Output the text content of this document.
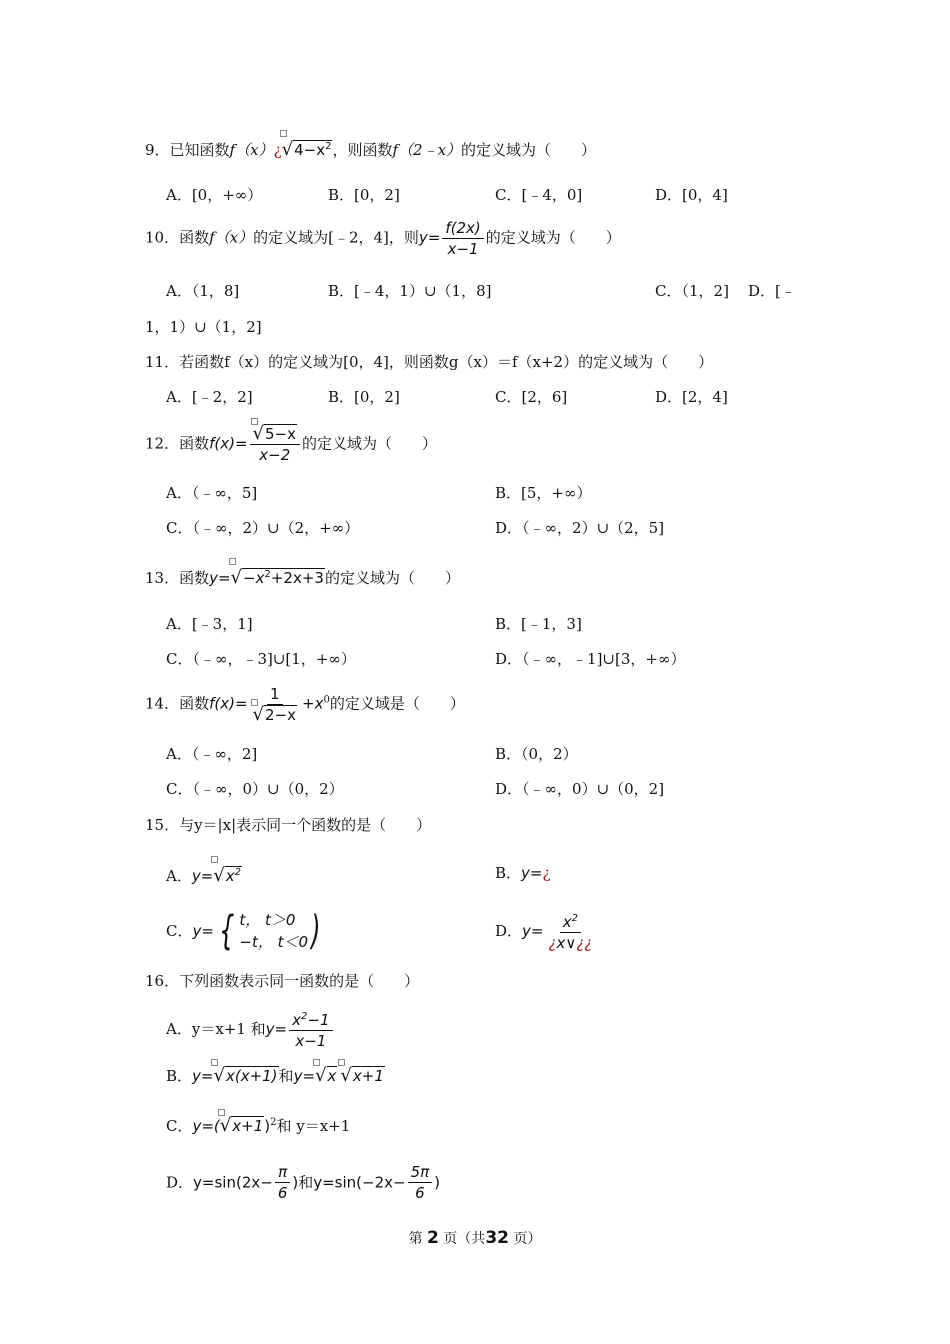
9．已知函数f（x）¿
$√4-x^2$，则函数f（2﹣x）的定义域为（　　）
A．[0，+∞）	B．[0，2]	C．[﹣4，0]	D．[0，4]
10．函数f（x）的定义域为[﹣2，4]，则$y= \frac{f(2x)}{x-1}$ 的定义域为（　　）
A．（1，8]	B．[﹣4，1）∪（1，8]	C．（1，2] D．[﹣
1，1）∪（1，2]
11．若函数f（x）的定义域为[0，4]，则函数g（x）＝f（x+2）的定义域为（　　）
A．[﹣2，2]	B．[0，2]	C．[2，6]	D．[2，4]
12．函数$f(x)= \frac{√5-x}{x-2}$ 的定义域为（　　）
A．（﹣∞，5]	B．[5，+∞）
C．（﹣∞，2）∪（2，+∞）	D．（﹣∞，2）∪（2，5]
13．函数y=
$√-x^2+2x+3$的定义域为（　　）
A．[﹣3，1]	B．[﹣1，3]
C．（﹣∞，﹣3]∪[1，+∞）	D．（﹣∞，﹣1]∪[3，+∞）
14．函数$f(x)= \frac{1}{√2-x} +x^0$的定义域是（　　）
A．（﹣∞，2]	B．（0，2）
C．（﹣∞，0）∪（0，2）	D．（﹣∞，0）∪（0，2]
15．与y＝|x|表示同一个函数的是（　　）
A．y=
$√x^2$	B．y=¿
C．y= { t， t＞0
−t， t＜0 )	D．$y= \frac{x^2}{¿x\vee¿¿}$
16．下列函数表示同一函数的是（　　）
A．y＝x+1 和$y= \frac{x^2-1}{x-1}$
B．y=
√x(x+1)和y=
√x √x+1
C．y=(
√x+1)$^2$和 y＝x+1
D．$y=\sin(2x- \frac{\pi}{6}$ )和$y=\sin(-2x- \frac{5\pi}{6}$ )
第 2 页（共32 页）
